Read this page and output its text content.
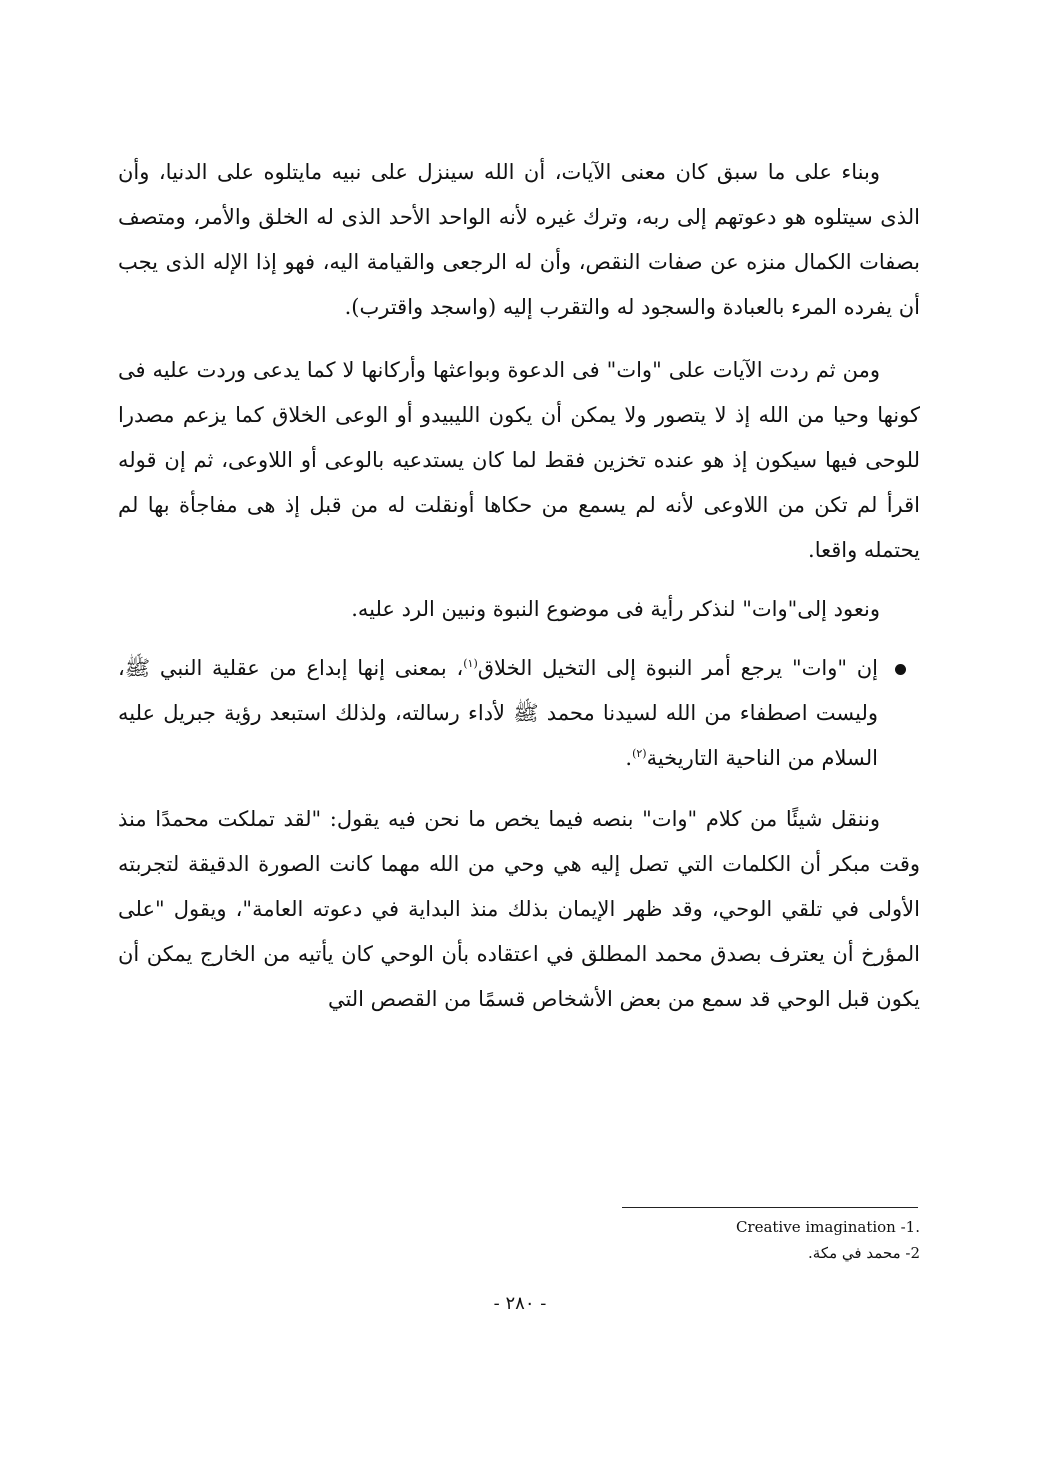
وبناء على ما سبق كان معنى الآيات، أن الله سينزل على نبيه مايتلوه على الدنيا، وأن الذى سيتلوه هو دعوتهم إلى ربه، وترك غيره لأنه الواحد الأحد الذى له الخلق والأمر، ومتصف بصفات الكمال منزه عن صفات النقص، وأن له الرجعى والقيامة اليه، فهو إذا الإله الذى يجب أن يفرده المرء بالعبادة والسجود له والتقرب إليه (واسجد واقترب).

ومن ثم ردت الآيات على "وات" فى الدعوة وبواعثها وأركانها لا كما يدعى وردت عليه فى كونها وحيا من الله إذ لا يتصور ولا يمكن أن يكون الليبيدو أو الوعى الخلاق كما يزعم مصدرا للوحى فيها سيكون إذ هو عنده تخزين فقط لما كان يستدعيه بالوعى أو اللاوعى، ثم إن قوله اقرأ لم تكن من اللاوعى لأنه لم يسمع من حكاها أونقلت له من قبل إذ هى مفاجأة بها لم يحتمله واقعا.

ونعود إلى"وات" لنذكر رأية فى موضوع النبوة ونبين الرد عليه.

إن "وات" يرجع أمر النبوة إلى التخيل الخلاق$^{(١)}$، بمعنى إنها إبداع من عقلية النبي ﷺ، وليست اصطفاء من الله لسيدنا محمد ﷺ لأداء رسالته، ولذلك استبعد رؤية جبريل عليه السلام من الناحية التاريخية$^{(٢)}$.

وننقل شيئًا من كلام "وات" بنصه فيما يخص ما نحن فيه يقول: "لقد تملكت محمدًا منذ وقت مبكر أن الكلمات التي تصل إليه هي وحي من الله مهما كانت الصورة الدقيقة لتجربته الأولى في تلقي الوحي، وقد ظهر الإيمان بذلك منذ البداية في دعوته العامة"، ويقول "على المؤرخ أن يعترف بصدق محمد المطلق في اعتقاده بأن الوحي كان يأتيه من الخارج يمكن أن يكون قبل الوحي قد سمع من بعض الأشخاص قسمًا من القصص التي

.Creative imagination -1

2- محمد في مكة.

- ٢٨٠ -
